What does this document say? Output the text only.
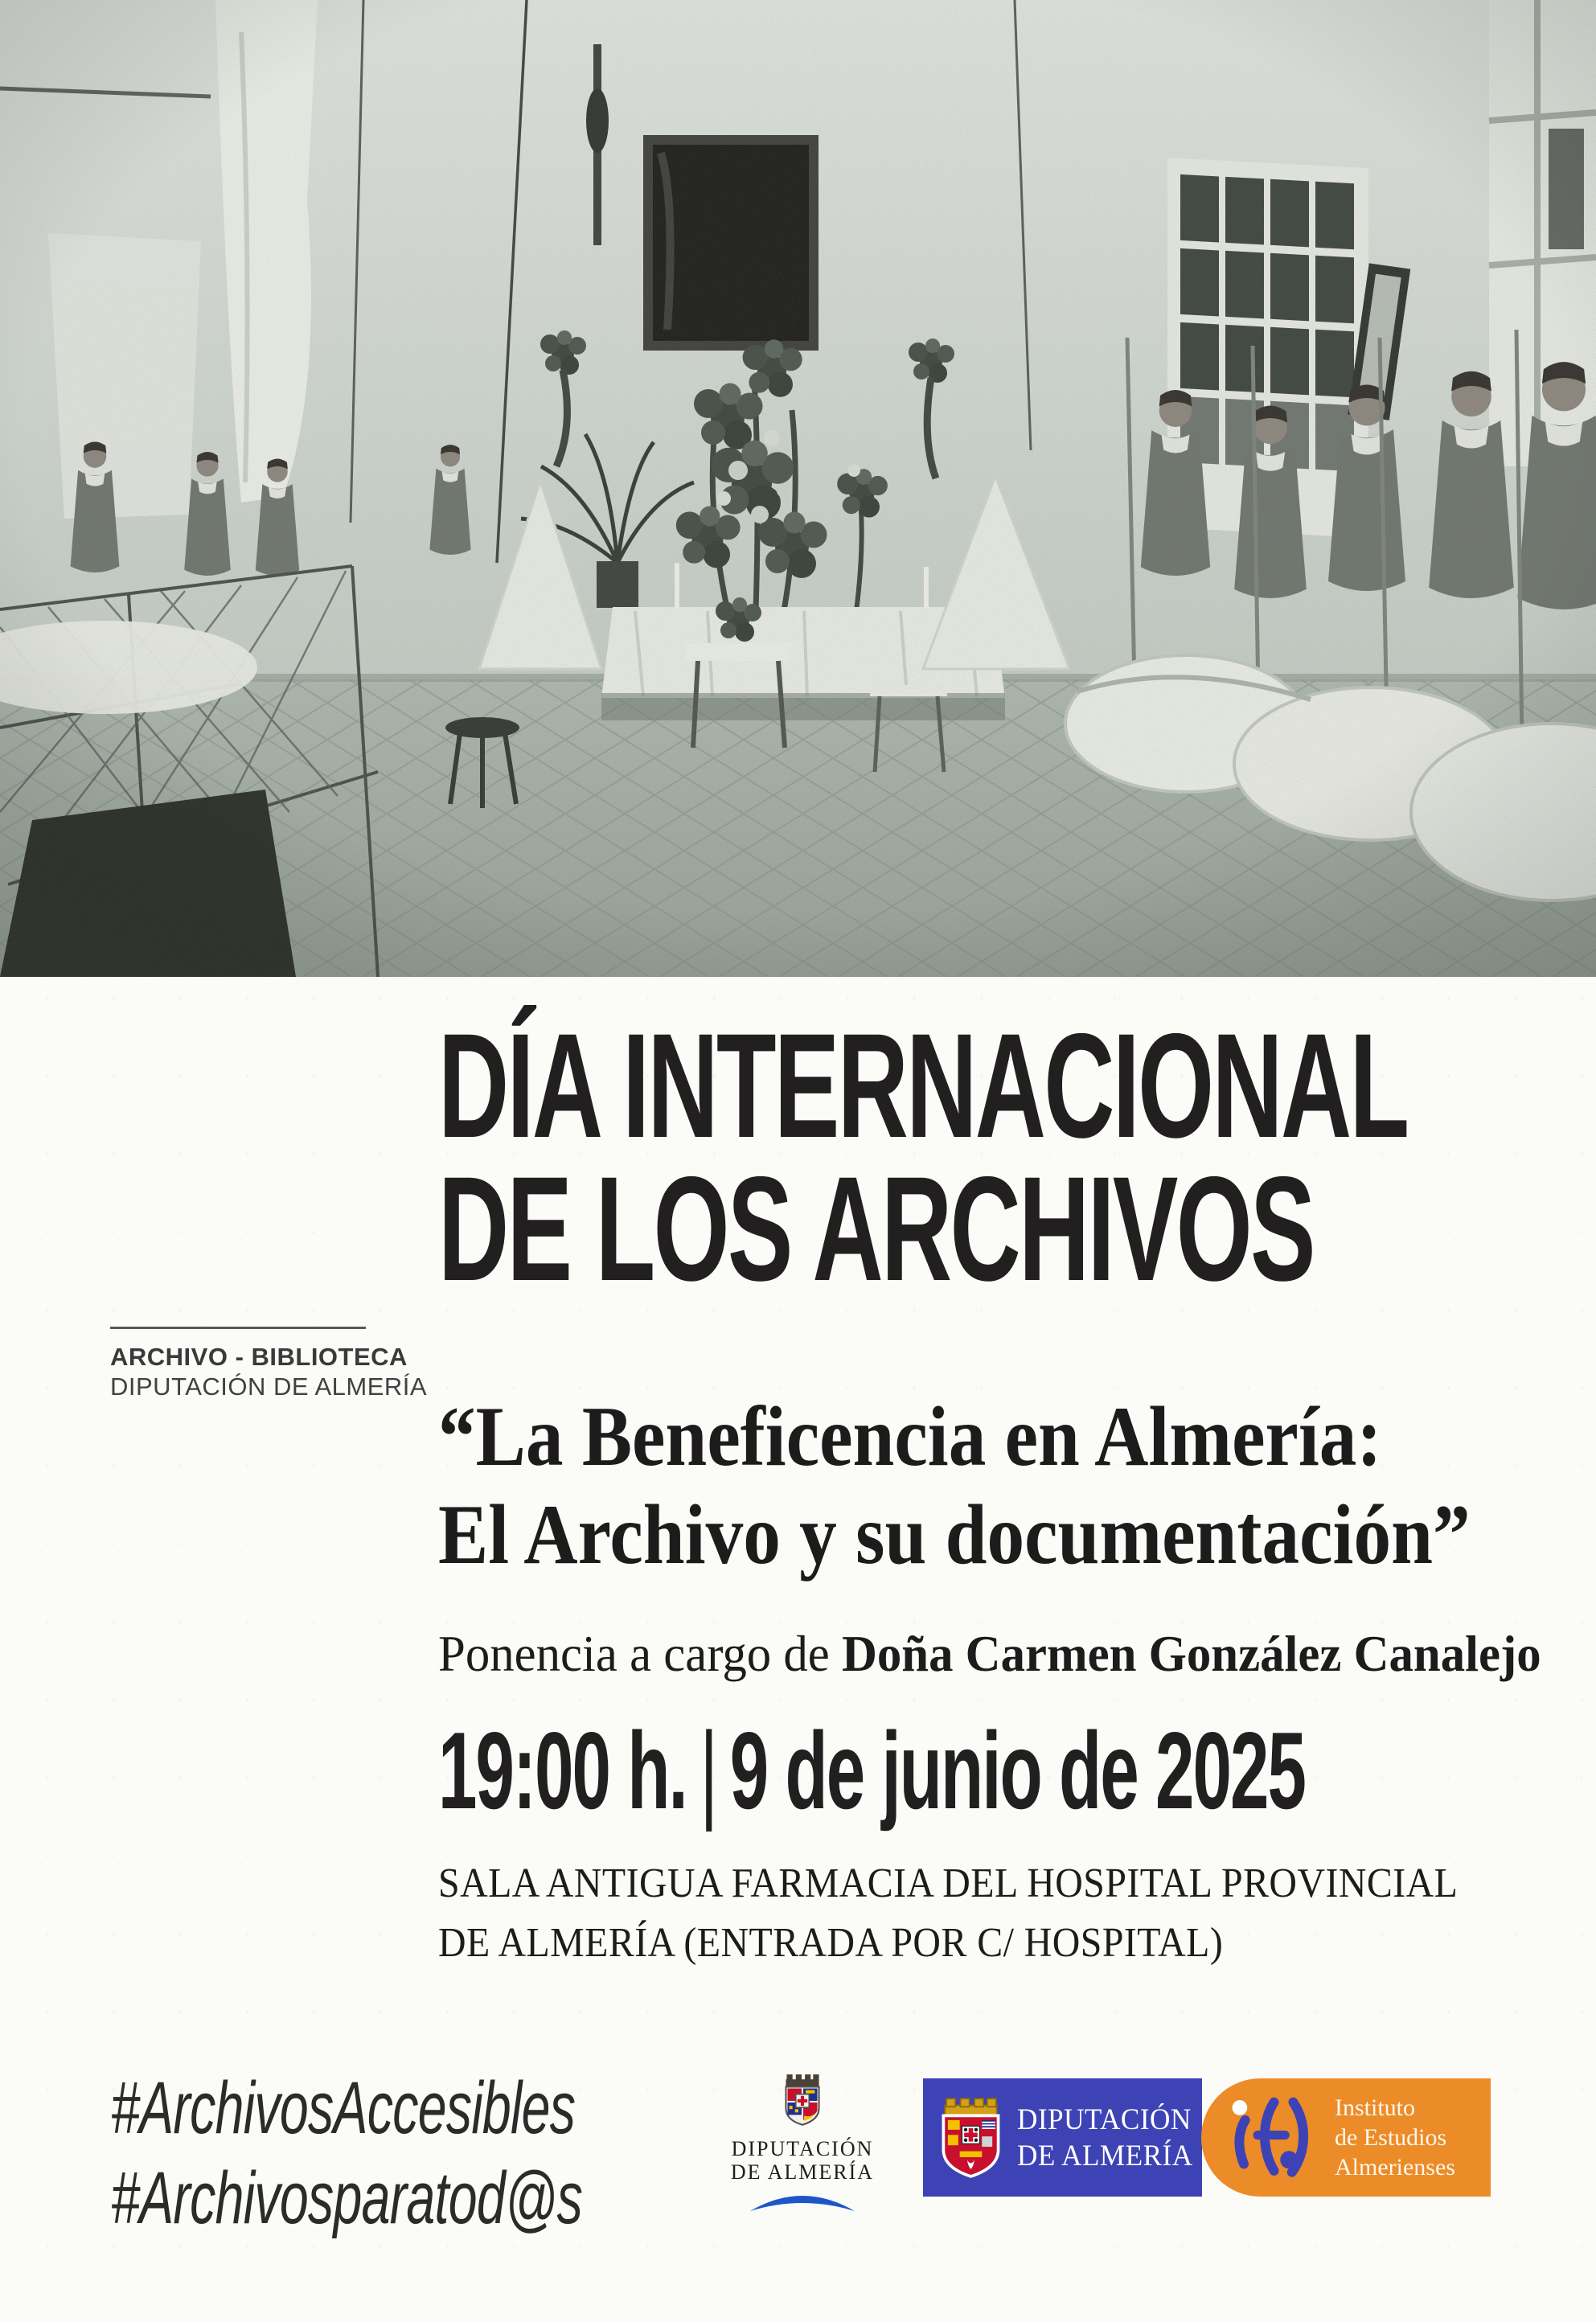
DÍA INTERNACIONAL
DE LOS ARCHIVOS
ARCHIVO - BIBLIOTECA
DIPUTACIÓN DE ALMERÍA
“La Beneficencia en Almería:
El Archivo y su documentación”
Ponencia a cargo de Doña Carmen González Canalejo
19:00 h. | 9 de junio de 2025
SALA ANTIGUA FARMACIA DEL HOSPITAL PROVINCIAL
DE ALMERÍA (ENTRADA POR C/ HOSPITAL)
#ArchivosAccesibles
#Archivosparatod@s
DIPUTACIÓN
DE ALMERÍA
DIPUTACIÓN
DE ALMERÍA
Instituto
de Estudios
Almerienses
